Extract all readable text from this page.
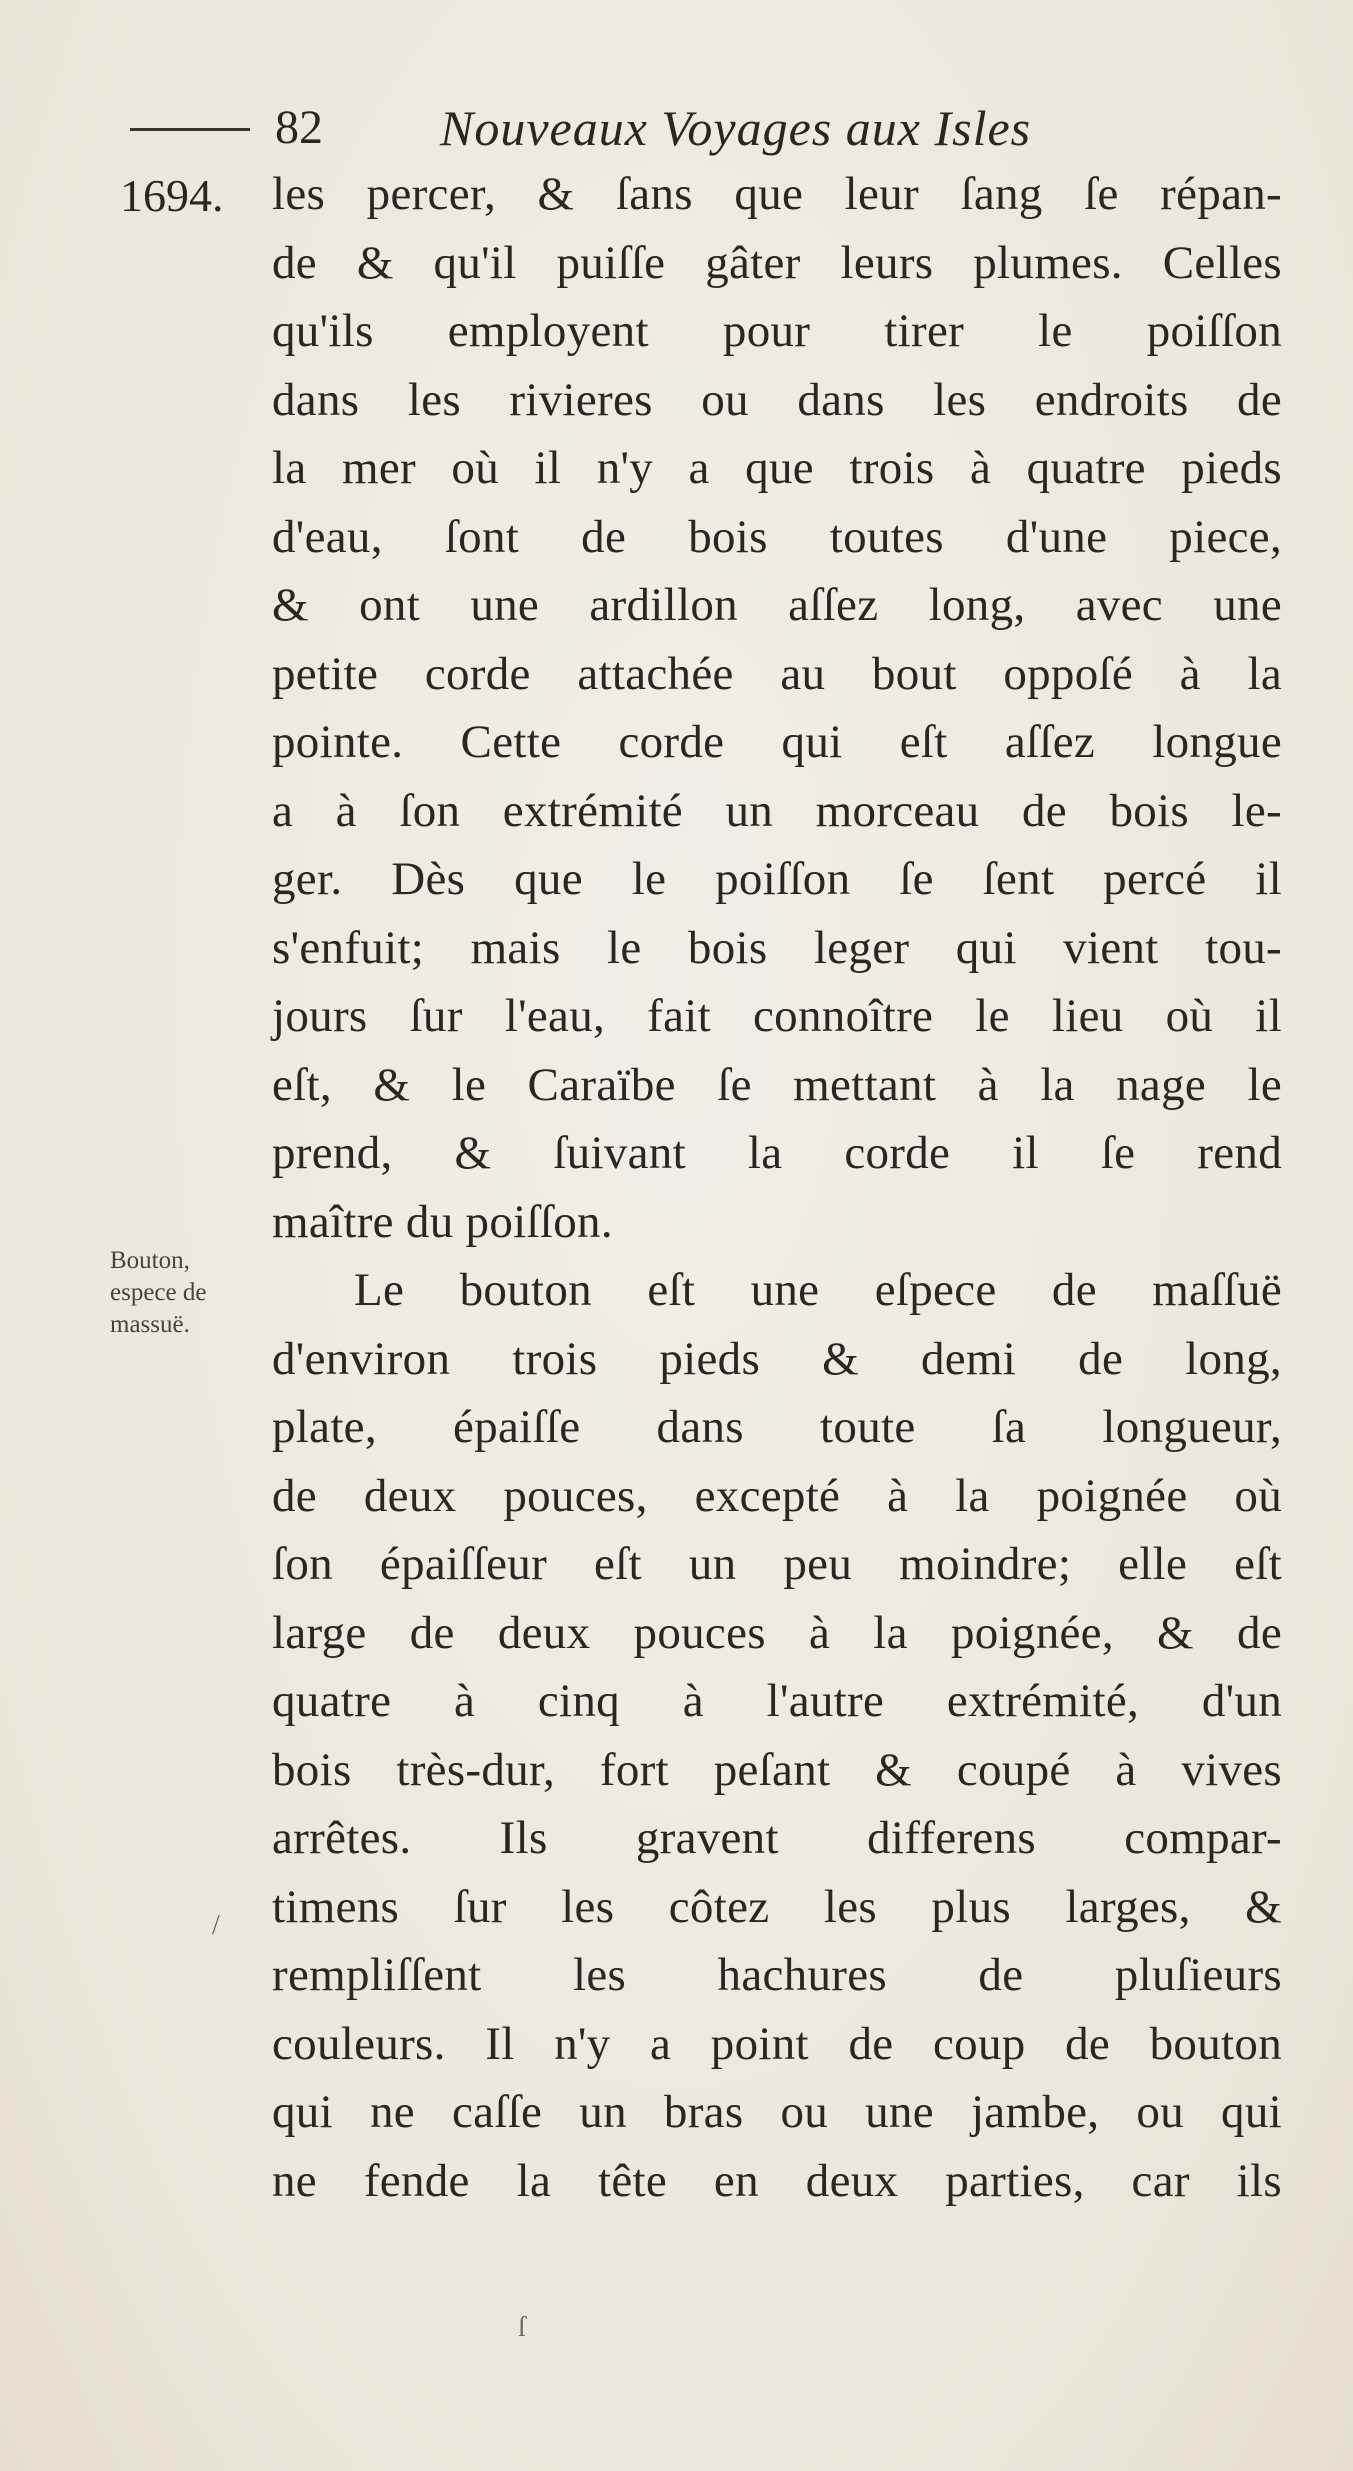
82 Nouveaux Voyages aux Isles
1694.
Bouton,
espece de
massuë.
/
ſ
les percer, & ſans que leur ſang ſe répan-
de & qu'il puiſſe gâter leurs plumes. Celles
qu'ils employent pour tirer le poiſſon
dans les rivieres ou dans les endroits de
la mer où il n'y a que trois à quatre pieds
d'eau, ſont de bois toutes d'une piece,
& ont une ardillon aſſez long, avec une
petite corde attachée au bout oppoſé à la
pointe. Cette corde qui eſt aſſez longue
a à ſon extrémité un morceau de bois le-
ger. Dès que le poiſſon ſe ſent percé il
s'enfuit; mais le bois leger qui vient tou-
jours ſur l'eau, fait connoître le lieu où il
eſt, & le Caraïbe ſe mettant à la nage le
prend, & ſuivant la corde il ſe rend
maître du poiſſon.
Le bouton eſt une eſpece de maſſuë
d'environ trois pieds & demi de long,
plate, épaiſſe dans toute ſa longueur,
de deux pouces, excepté à la poignée où
ſon épaiſſeur eſt un peu moindre; elle eſt
large de deux pouces à la poignée, & de
quatre à cinq à l'autre extrémité, d'un
bois très-dur, fort peſant & coupé à vives
arrêtes. Ils gravent differens compar-
timens ſur les côtez les plus larges, &
rempliſſent les hachures de pluſieurs
couleurs. Il n'y a point de coup de bouton
qui ne caſſe un bras ou une jambe, ou qui
ne fende la tête en deux parties, car ils
